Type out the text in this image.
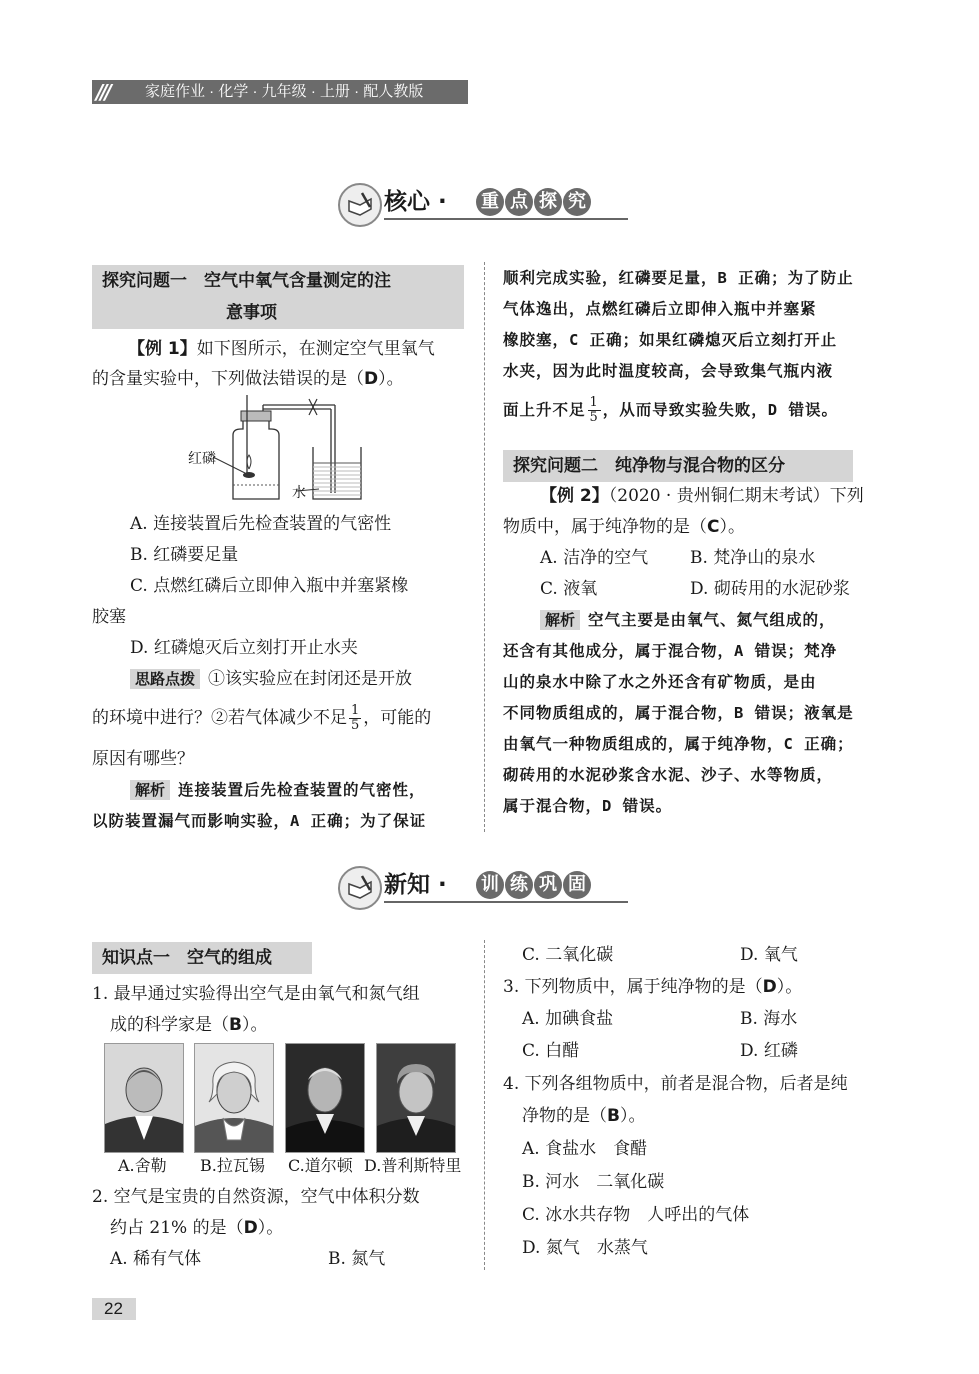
/// 家庭作业 · 化学 · 九年级 · 上册 · 配人教版
核心 · 重 点 探 究
探究问题一　空气中氧气含量测定的注
意事项
【例 1】如下图所示，在测定空气里氧气
的含量实验中，下列做法错误的是（D）。
红磷
水
A. 连接装置后先检查装置的气密性
B. 红磷要足量
C. 点燃红磷后立即伸入瓶中并塞紧橡
胶塞
D. 红磷熄灭后立刻打开止水夹
思路点拨 ①该实验应在封闭还是开放
的环境中进行？②若气体减少不足 $\frac{1}{5}$ ，可能的
原因有哪些？
解析 连接装置后先检查装置的气密性，
以防装置漏气而影响实验，A 正确；为了保证
顺利完成实验，红磷要足量，B 正确；为了防止
气体逸出，点燃红磷后立即伸入瓶中并塞紧
橡胶塞，C 正确；如果红磷熄灭后立刻打开止
水夹，因为此时温度较高，会导致集气瓶内液
面上升不足 $\frac{1}{5}$ ，从而导致实验失败，D 错误。
探究问题二　纯净物与混合物的区分
【例 2】（2020 · 贵州铜仁期末考试）下列
物质中，属于纯净物的是（C）。
A. 洁净的空气 B. 梵净山的泉水
C. 液氧	D. 砌砖用的水泥砂浆
解析 空气主要是由氧气、氮气组成的，
还含有其他成分，属于混合物，A 错误；梵净
山的泉水中除了水之外还含有矿物质，是由
不同物质组成的，属于混合物，B 错误；液氧是
由氧气一种物质组成的，属于纯净物，C 正确；
砌砖用的水泥砂浆含水泥、沙子、水等物质，
属于混合物，D 错误。
新知 · 训 练 巩 固
知识点一　空气的组成
1. 最早通过实验得出空气是由氧气和氮气组
成的科学家是（B）。
A.舍勒 B.拉瓦锡 C.道尔顿 D.普利斯特里
2. 空气是宝贵的自然资源，空气中体积分数
约占 21% 的是（D）。
A. 稀有气体	B. 氮气
C. 二氧化碳	D. 氧气
3. 下列物质中，属于纯净物的是（D）。
A. 加碘食盐	B. 海水
C. 白醋	D. 红磷
4. 下列各组物质中，前者是混合物，后者是纯
净物的是（B）。
A. 食盐水　食醋
B. 河水　二氧化碳
C. 冰水共存物　人呼出的气体
D. 氮气　水蒸气
22
